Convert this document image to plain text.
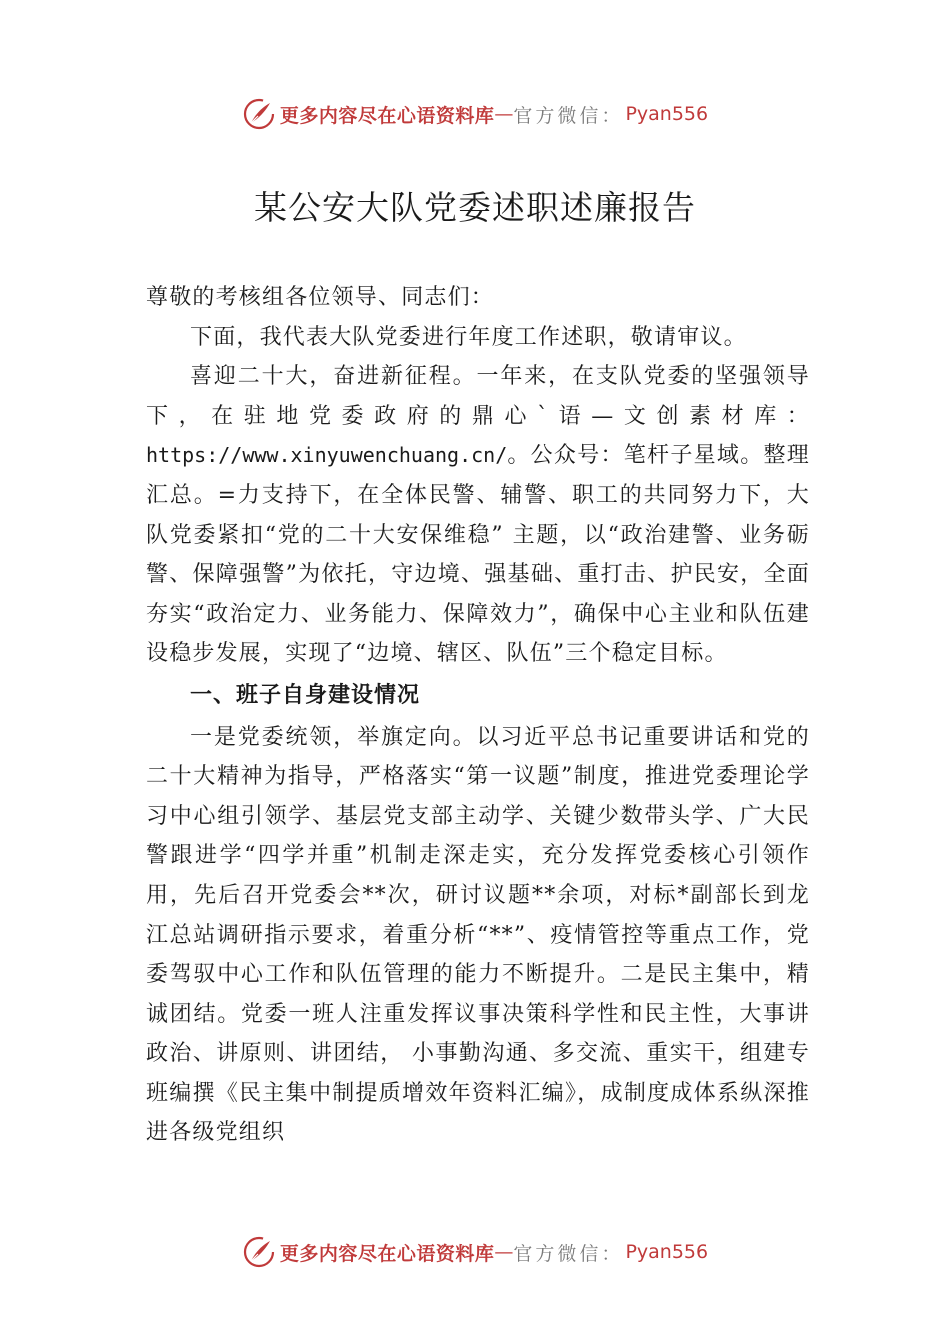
更多内容尽在心语资料库 — 官方微信： Pyan556
某公安大队党委述职述廉报告

尊敬的考核组各位领导、同志们：

下面，我代表大队党委进行年度工作述职，敬请审议。

喜迎二十大，奋进新征程。一年来，在支队党委的坚强领导下，在驻地党委政府的鼎心`语—文创素材库：https://www.xinyuwenchuang.cn/。公众号：笔杆子星域。整理汇总。=力支持下，在全体民警、辅警、职工的共同努力下，大队党委紧扣“党的二十大安保维稳” 主题，以“政治建警、业务砺警、保障强警”为依托，守边境、强基础、重打击、护民安，全面夯实“政治定力、业务能力、保障效力”，确保中心主业和队伍建设稳步发展，实现了“边境、辖区、队伍”三个稳定目标。

一、班子自身建设情况

一是党委统领，举旗定向。以习近平总书记重要讲话和党的二十大精神为指导，严格落实“第一议题”制度，推进党委理论学习中心组引领学、基层党支部主动学、关键少数带头学、广大民警跟进学“四学并重”机制走深走实，充分发挥党委核心引领作用，先后召开党委会**次，研讨议题**余项，对标*副部长到龙江总站调研指示要求，着重分析“**”、疫情管控等重点工作，党委驾驭中心工作和队伍管理的能力不断提升。二是民主集中，精诚团结。党委一班人注重发挥议事决策科学性和民主性，大事讲政治、讲原则、讲团结， 小事勤沟通、多交流、重实干，组建专班编撰《民主集中制提质增效年资料汇编》，成制度成体系纵深推进各级党组织

更多内容尽在心语资料库 — 官方微信： Pyan556
